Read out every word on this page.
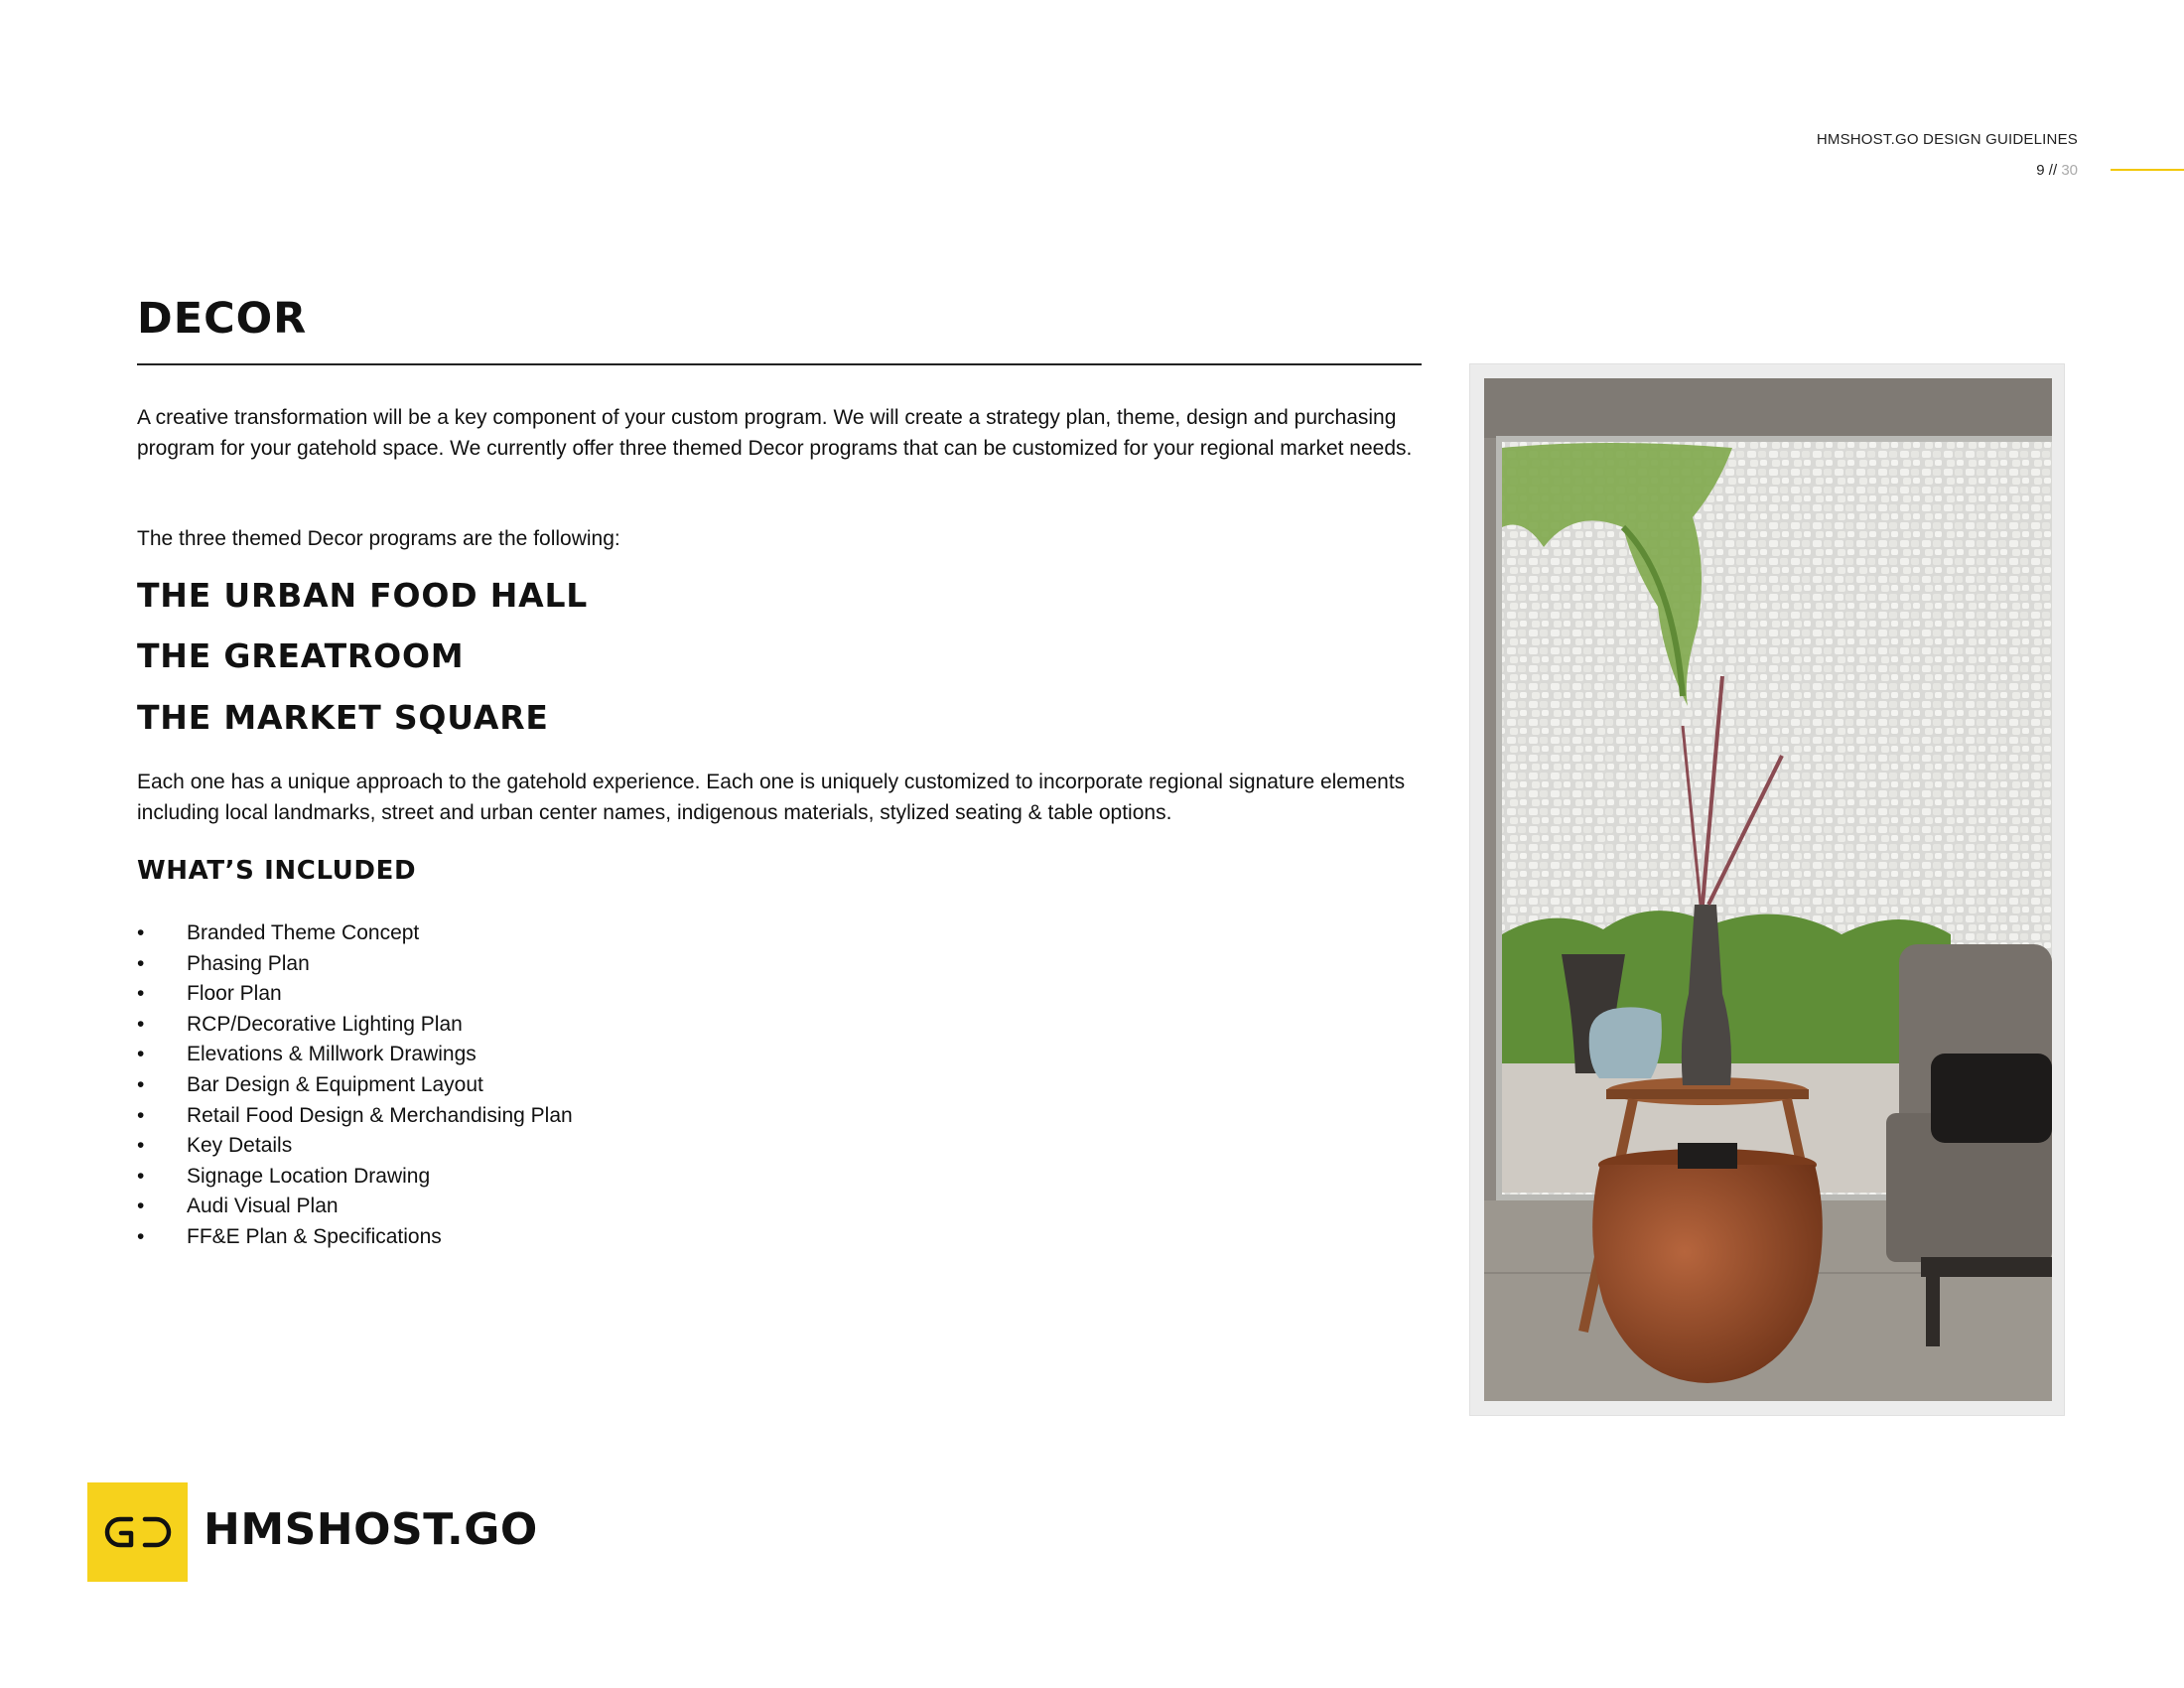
HMSHOST.GO DESIGN GUIDELINES
9 // 30
DECOR

A creative transformation will be a key component of your custom program. We will create a strategy plan, theme, design and purchasing program for your gatehold space. We currently offer three themed Decor programs that can be customized for your regional market needs.

The three themed Decor programs are the following:

THE URBAN FOOD HALL
THE GREATROOM
THE MARKET SQUARE

Each one has a unique approach to the gatehold experience. Each one is uniquely customized to incorporate regional signature elements including local landmarks, street and urban center names, indigenous materials, stylized seating & table options.

WHAT’S INCLUDED
• Branded Theme Concept
• Phasing Plan
• Floor Plan
• RCP/Decorative Lighting Plan
• Elevations & Millwork Drawings
• Bar Design & Equipment Layout
• Retail Food Design & Merchandising Plan
• Key Details
• Signage Location Drawing
• Audi Visual Plan
• FF&E Plan & Specifications
HMSHOST.GO
